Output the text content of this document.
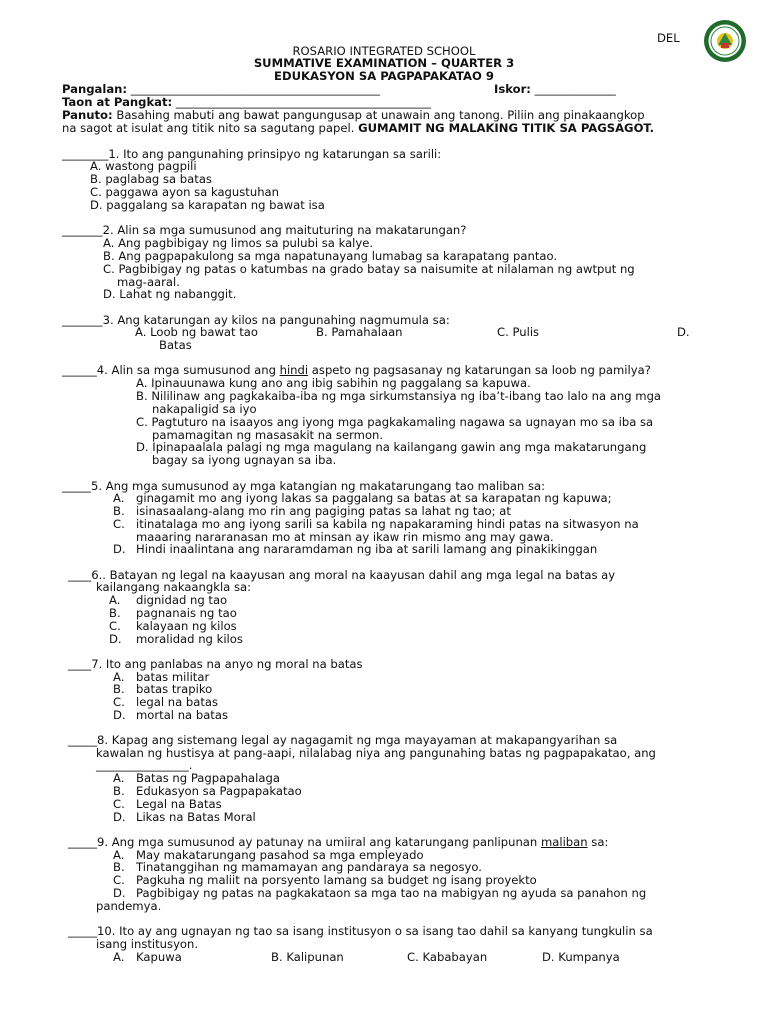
DEL
ROSARIO INTEGRATED SCHOOL
SUMMATIVE EXAMINATION – QUARTER 3
EDUKASYON SA PAGPAPAKATAO 9
Pangalan: ___________________________________________	Iskor: ______________
Taon at Pangkat: ____________________________________________
Panuto: Basahing mabuti ang bawat pangungusap at unawain ang tanong. Piliin ang pinakaangkop
na sagot at isulat ang titik nito sa sagutang papel. GUMAMIT NG MALAKING TITIK SA PAGSAGOT.
________1. Ito ang pangunahing prinsipyo ng katarungan sa sarili:
A. wastong pagpili
B. paglabag sa batas
C. paggawa ayon sa kagustuhan
D. paggalang sa karapatan ng bawat isa
_______2. Alin sa mga sumusunod ang maituturing na makatarungan?
A. Ang pagbibigay ng limos sa pulubi sa kalye.
B. Ang pagpapakulong sa mga napatunayang lumabag sa karapatang pantao.
C. Pagbibigay ng patas o katumbas na grado batay sa naisumite at nilalaman ng awtput ng
mag-aaral.
D. Lahat ng nabanggit.
_______3. Ang katarungan ay kilos na pangunahing nagmumula sa:
A. Loob ng bawat tao	B. Pamahalaan	C. Pulis	D.
Batas
______4. Alin sa mga sumusunod ang hindi aspeto ng pagsasanay ng katarungan sa loob ng pamilya?
A. Ipinauunawa kung ano ang ibig sabihin ng paggalang sa kapuwa.
B. Nililinaw ang pagkakaiba-iba ng mga sirkumstansiya ng iba’t-ibang tao lalo na ang mga
nakapaligid sa iyo
C. Pagtuturo na isaayos ang iyong mga pagkakamaling nagawa sa ugnayan mo sa iba sa
pamamagitan ng masasakit na sermon.
D. Ipinapaalala palagi ng mga magulang na kailangang gawin ang mga makatarungang
bagay sa iyong ugnayan sa iba.
_____5. Ang mga sumusunod ay mga katangian ng makatarungang tao maliban sa:
A. ginagamit mo ang iyong lakas sa paggalang sa batas at sa karapatan ng kapuwa;
B. isinasaalang-alang mo rin ang pagiging patas sa lahat ng tao; at
C. itinatalaga mo ang iyong sarili sa kabila ng napakaraming hindi patas na sitwasyon na
maaaring nararanasan mo at minsan ay ikaw rin mismo ang may gawa.
D. Hindi inaalintana ang nararamdaman ng iba at sarili lamang ang pinakikinggan
____6.. Batayan ng legal na kaayusan ang moral na kaayusan dahil ang mga legal na batas ay
kailangang nakaangkla sa:
A. dignidad ng tao
B. pagnanais ng tao
C. kalayaan ng kilos
D. moralidad ng kilos
____7. Ito ang panlabas na anyo ng moral na batas
A. batas militar
B. batas trapiko
C. legal na batas
D. mortal na batas
_____8. Kapag ang sistemang legal ay nagagamit ng mga mayayaman at makapangyarihan sa
kawalan ng hustisya at pang-aapi, nilalabag niya ang pangunahing batas ng pagpapakatao, ang
________________.
A. Batas ng Pagpapahalaga
B. Edukasyon sa Pagpapakatao
C. Legal na Batas
D. Likas na Batas Moral
_____9. Ang mga sumusunod ay patunay na umiiral ang katarungang panlipunan maliban sa:
A. May makatarungang pasahod sa mga empleyado
B. Tinatanggihan ng mamamayan ang pandaraya sa negosyo.
C. Pagkuha ng maliit na porsyento lamang sa budget ng isang proyekto
D. Pagbibigay ng patas na pagkakataon sa mga tao na mabigyan ng ayuda sa panahon ng
pandemya.
_____10. Ito ay ang ugnayan ng tao sa isang institusyon o sa isang tao dahil sa kanyang tungkulin sa
isang institusyon.
A. Kapuwa	B. Kalipunan	C. Kababayan	D. Kumpanya
